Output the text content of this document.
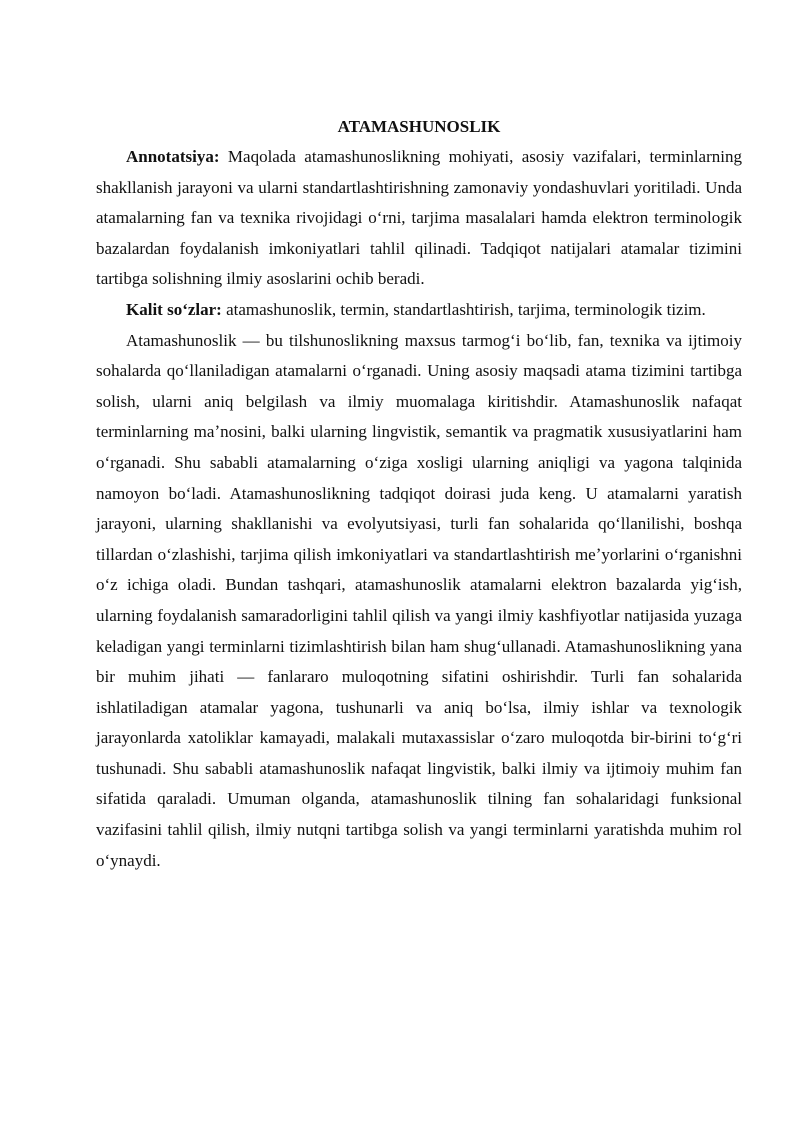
ATAMASHUNOSLIK

Annotatsiya: Maqolada atamashunoslikning mohiyati, asosiy vazifalari, terminlarning shakllanish jarayoni va ularni standartlashtirishning zamonaviy yondashuvlari yoritiladi. Unda atamalarning fan va texnika rivojidagi oʻrni, tarjima masalalari hamda elektron terminologik bazalardan foydalanish imkoniyatlari tahlil qilinadi. Tadqiqot natijalari atamalar tizimini tartibga solishning ilmiy asoslarini ochib beradi.

Kalit soʻzlar: atamashunoslik, termin, standartlashtirish, tarjima, terminologik tizim.

Atamashunoslik — bu tilshunoslikning maxsus tarmogʻi boʻlib, fan, texnika va ijtimoiy sohalarda qoʻllaniladigan atamalarni oʻrganadi. Uning asosiy maqsadi atama tizimini tartibga solish, ularni aniq belgilash va ilmiy muomalaga kiritishdir. Atamashunoslik nafaqat terminlarning maʼnosini, balki ularning lingvistik, semantik va pragmatik xususiyatlarini ham oʻrganadi. Shu sababli atamalarning oʻziga xosligi ularning aniqligi va yagona talqinida namoyon boʻladi. Atamashunoslikning tadqiqot doirasi juda keng. U atamalarni yaratish jarayoni, ularning shakllanishi va evolyutsiyasi, turli fan sohalarida qoʻllanilishi, boshqa tillardan oʻzlashishi, tarjima qilish imkoniyatlari va standartlashtirish meʼyorlarini oʻrganishni oʻz ichiga oladi. Bundan tashqari, atamashunoslik atamalarni elektron bazalarda yigʻish, ularning foydalanish samaradorligini tahlil qilish va yangi ilmiy kashfiyotlar natijasida yuzaga keladigan yangi terminlarni tizimlashtirish bilan ham shugʻullanadi. Atamashunoslikning yana bir muhim jihati — fanlararo muloqotning sifatini oshirishdir. Turli fan sohalarida ishlatiladigan atamalar yagona, tushunarli va aniq boʻlsa, ilmiy ishlar va texnologik jarayonlarda xatoliklar kamayadi, malakali mutaxassislar oʻzaro muloqotda bir-birini toʻgʻri tushunadi. Shu sababli atamashunoslik nafaqat lingvistik, balki ilmiy va ijtimoiy muhim fan sifatida qaraladi. Umuman olganda, atamashunoslik tilning fan sohalaridagi funksional vazifasini tahlil qilish, ilmiy nutqni tartibga solish va yangi terminlarni yaratishda muhim rol oʻynaydi.
